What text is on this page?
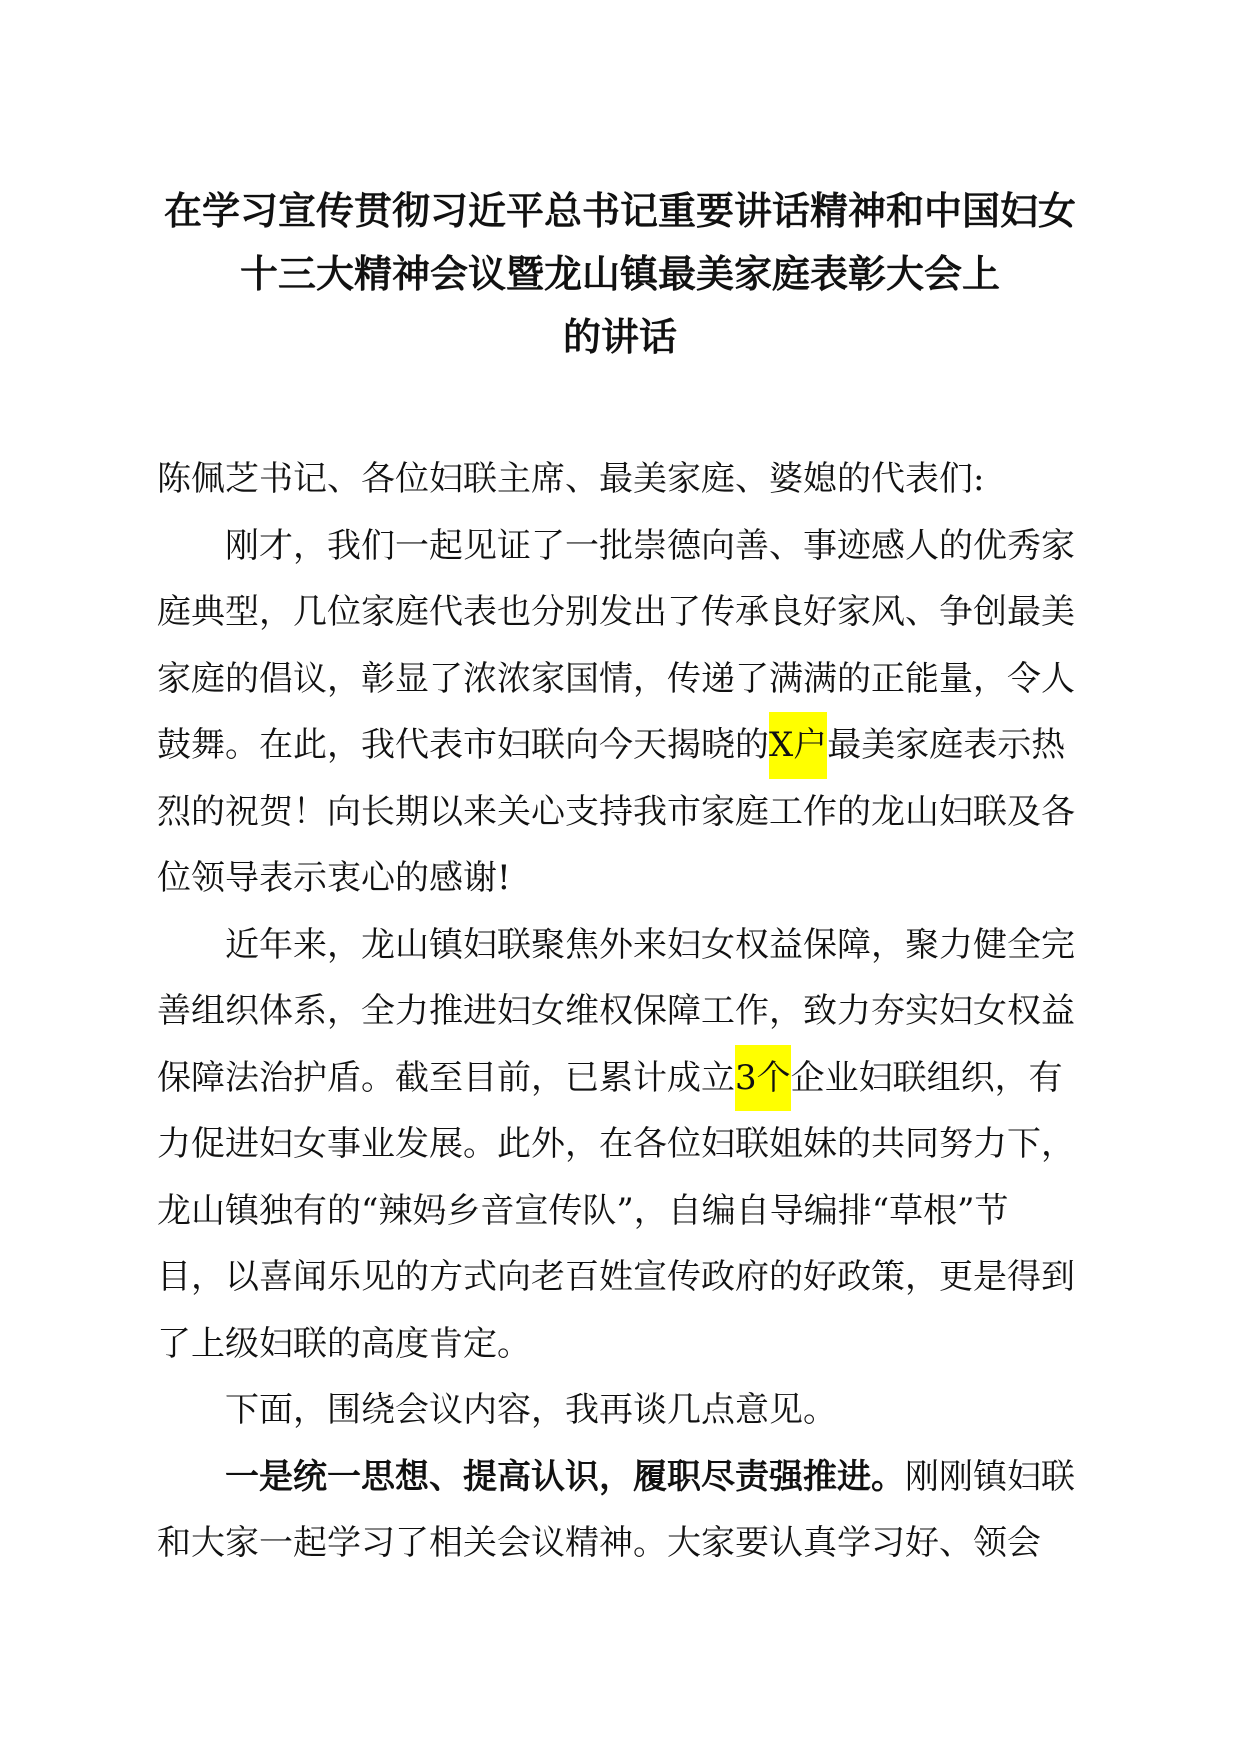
在学习宣传贯彻习近平总书记重要讲话精神和中国妇女
十三大精神会议暨龙山镇最美家庭表彰大会上
的讲话
陈佩芝书记、各位妇联主席、最美家庭、婆媳的代表们:
刚才，我们一起见证了一批崇德向善、事迹感人的优秀家
庭典型，几位家庭代表也分别发出了传承良好家风、争创最美
家庭的倡议，彰显了浓浓家国情，传递了满满的正能量，令人
鼓舞。在此，我代表市妇联向今天揭晓的 X户 最美家庭表示热
烈的祝贺！向长期以来关心支持我市家庭工作的龙山妇联及各
位领导表示衷心的感谢!
近年来，龙山镇妇联聚焦外来妇女权益保障，聚力健全完
善组织体系，全力推进妇女维权保障工作，致力夯实妇女权益
保障法治护盾。截至目前，已累计成立 3个 企业妇联组织，有
力促进妇女事业发展。此外，在各位妇联姐妹的共同努力下，
龙山镇独有的“辣妈乡音宣传队”，自编自导编排“草根”节
目，以喜闻乐见的方式向老百姓宣传政府的好政策，更是得到
了上级妇联的高度肯定。
下面，围绕会议内容，我再谈几点意见。
一是统一思想、提高认识，履职尽责强推进。 刚刚镇妇联
和大家一起学习了相关会议精神。大家要认真学习好、领会
